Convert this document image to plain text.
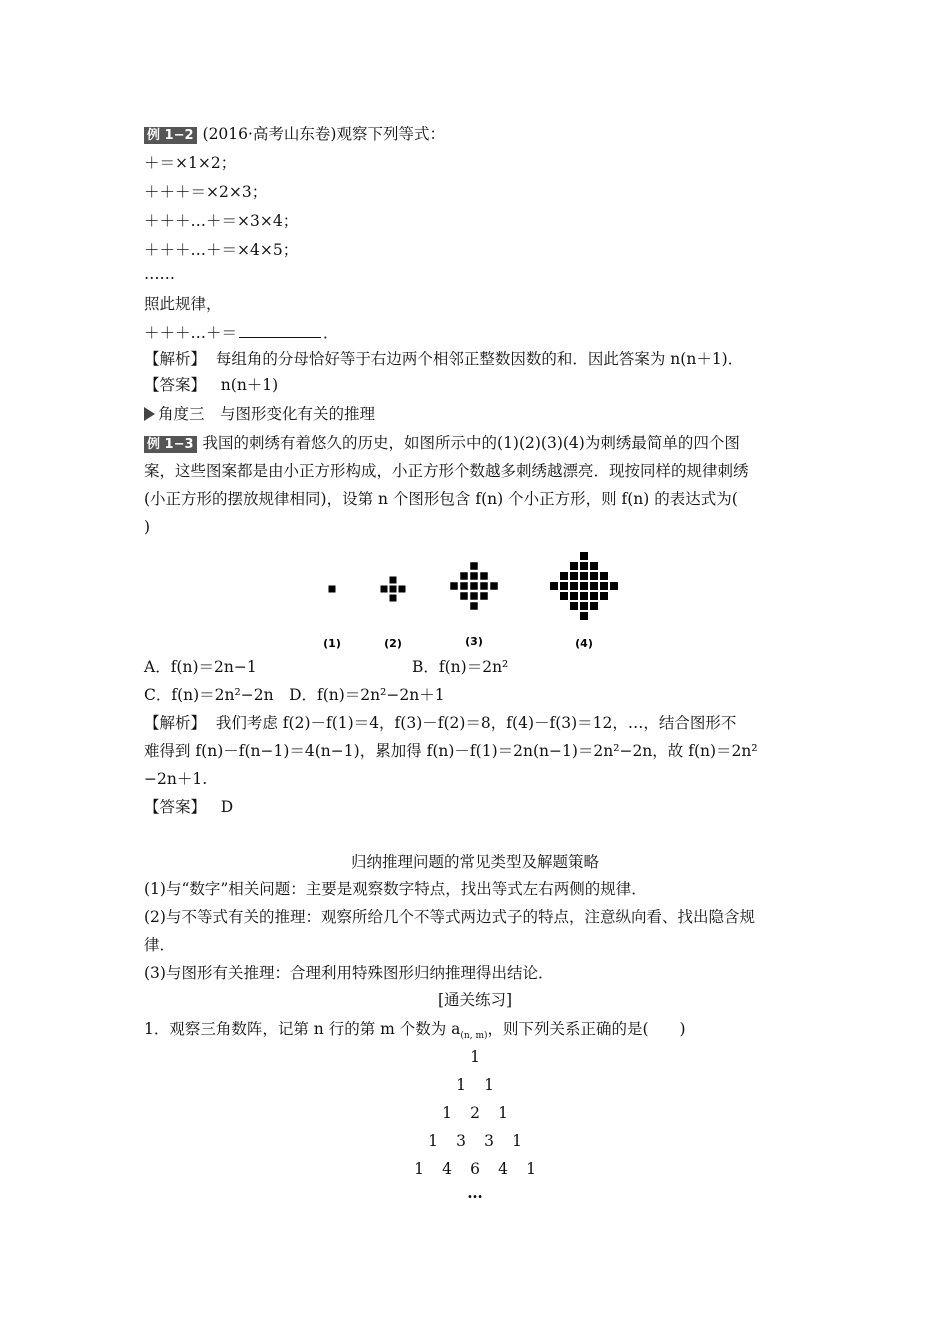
例 1−2 (2016·高考山东卷)观察下列等式：
＋＝×1×2；
＋＋＋＝×2×3；
＋＋＋…＋＝×3×4；
＋＋＋…＋＝×4×5；
……
照此规律，
＋＋＋…＋＝	．
【解析】 每组角的分母恰好等于右边两个相邻正整数因数的和．因此答案为 n(n＋1)．
【答案】 n(n＋1)
角度三　与图形变化有关的推理
例 1−3 我国的刺绣有着悠久的历史，如图所示中的(1)(2)(3)(4)为刺绣最简单的四个图
案，这些图案都是由小正方形构成，小正方形个数越多刺绣越漂亮．现按同样的规律刺绣
(小正方形的摆放规律相同)，设第 n 个图形包含 f(n) 个小正方形，则 f(n) 的表达式为(
)
(1)	(2)	(3)	(4)
A．f(n)＝2n−1	B．f(n)＝2n²
C．f(n)＝2n²−2n　D．f(n)＝2n²−2n＋1
【解析】 我们考虑 f(2)－f(1)＝4，f(3)－f(2)＝8，f(4)－f(3)＝12，…，结合图形不
难得到 f(n)－f(n−1)＝4(n−1)，累加得 f(n)－f(1)＝2n(n−1)＝2n²−2n，故 f(n)＝2n²
−2n＋1.
【答案】 D
归纳推理问题的常见类型及解题策略
(1)与“数字”相关问题：主要是观察数字特点，找出等式左右两侧的规律．
(2)与不等式有关的推理：观察所给几个不等式两边式子的特点，注意纵向看、找出隐含规
律．
(3)与图形有关推理：合理利用特殊图形归纳推理得出结论．
[通关练习]
1．观察三角数阵，记第 n 行的第 m 个数为 $a_{(n, m)}$，则下列关系正确的是(　　)
1
1 1
1 2 1
1 3 3 1
1 4 6 4 1
…
